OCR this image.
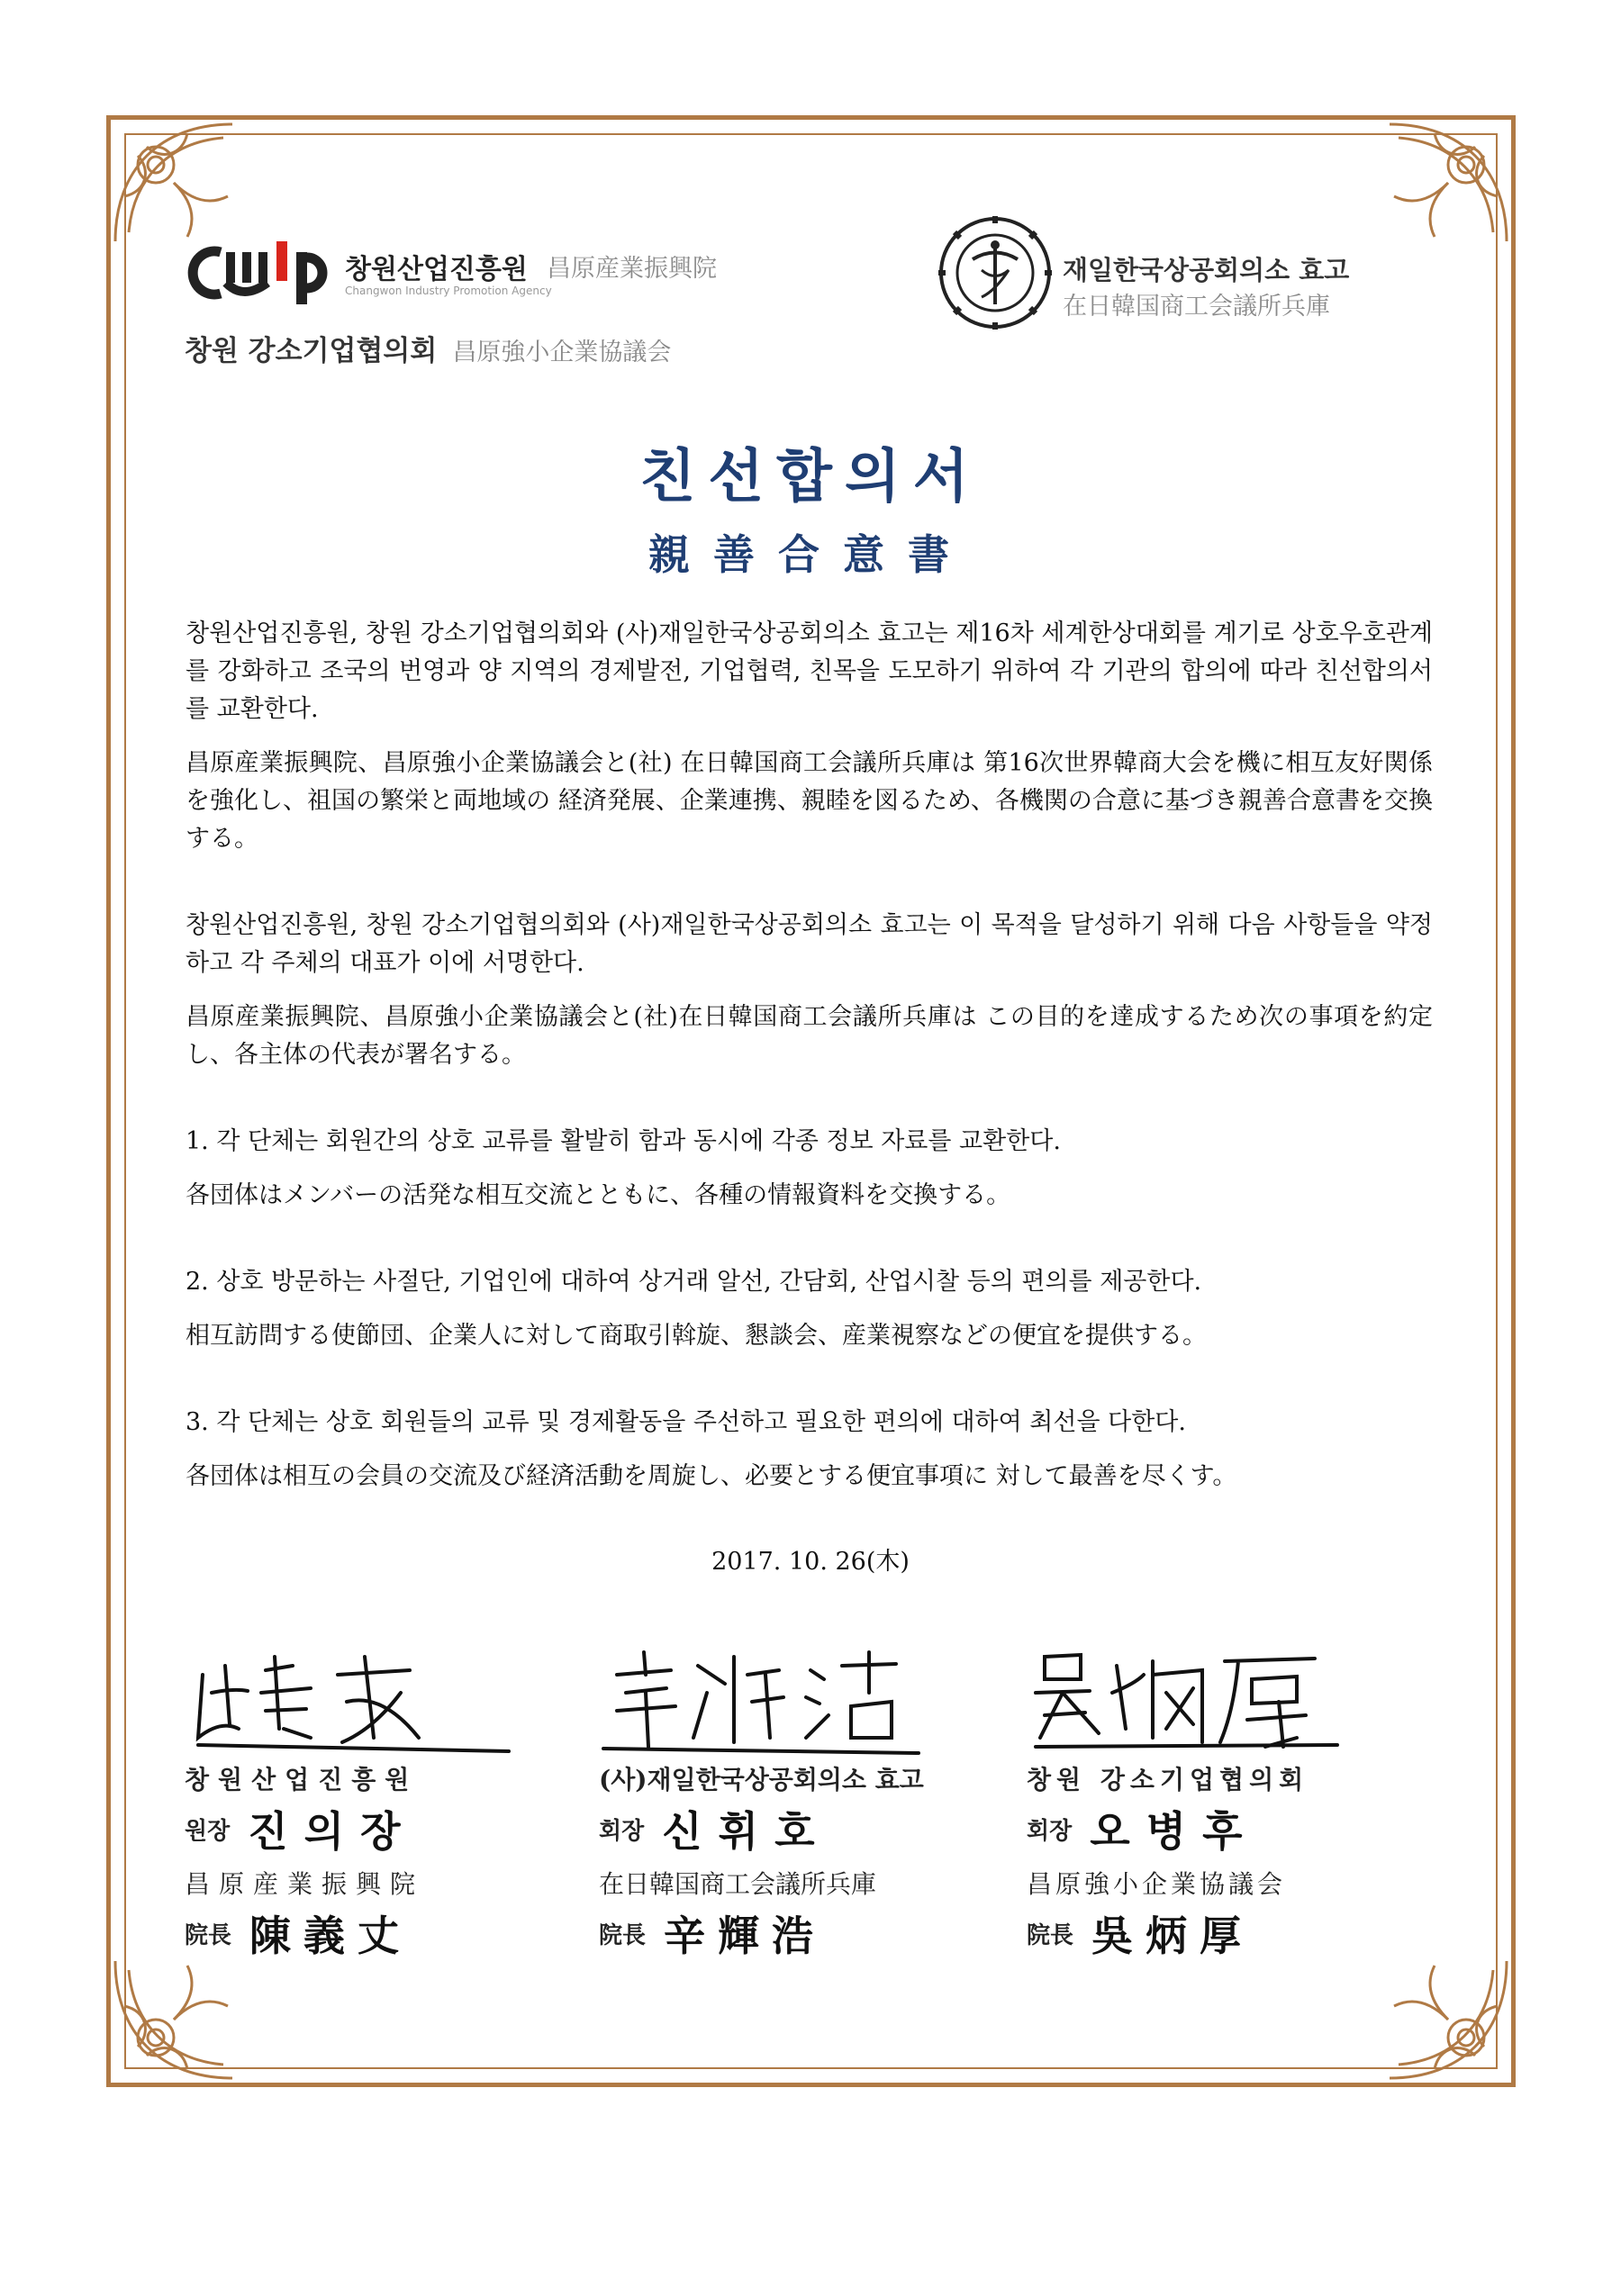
창원산업진흥원 昌原産業振興院
Changwon Industry Promotion Agency
창원 강소기업협의회 昌原強小企業協議会
재일한국상공회의소 효고
在日韓国商工会議所兵庫
친선합의서
親善合意書

창원산업진흥원, 창원 강소기업협의회와 (사)재일한국상공회의소 효고는 제16차 세계한상대회를 계기로 상호우호관계를 강화하고 조국의 번영과 양 지역의 경제발전, 기업협력, 친목을 도모하기 위하여 각 기관의 합의에 따라 친선합의서를 교환한다.

昌原産業振興院、昌原強小企業協議会と(社) 在日韓国商工会議所兵庫は 第16次世界韓商大会を機に相互友好関係を強化し、祖国の繁栄と両地域の 経済発展、企業連携、親睦を図るため、各機関の合意に基づき親善合意書を交換する。

창원산업진흥원, 창원 강소기업협의회와 (사)재일한국상공회의소 효고는 이 목적을 달성하기 위해 다음 사항들을 약정하고 각 주체의 대표가 이에 서명한다.

昌原産業振興院、昌原強小企業協議会と(社)在日韓国商工会議所兵庫は この目的を達成するため次の事項を約定し、各主体の代表が署名する。

1. 각 단체는 회원간의 상호 교류를 활발히 함과 동시에 각종 정보 자료를 교환한다.

各団体はメンバーの活発な相互交流とともに、各種の情報資料を交換する。

2. 상호 방문하는 사절단, 기업인에 대하여 상거래 알선, 간담회, 산업시찰 등의 편의를 제공한다.

相互訪問する使節団、企業人に対して商取引斡旋、懇談会、産業視察などの便宜を提供する。

3. 각 단체는 상호 회원들의 교류 및 경제활동을 주선하고 필요한 편의에 대하여 최선을 다한다.

各団体は相互の会員の交流及び経済活動を周旋し、必要とする便宜事項に 対して最善を尽くす。

2017. 10. 26(木)
창원산업진흥원
원장 진의장
昌原産業振興院
院長 陳義丈
(사)재일한국상공회의소 효고
회장 신휘호
在日韓国商工会議所兵庫
院長 辛輝浩
창원 강소기업협의회
회장 오병후
昌原強小企業協議会
院長 吳炳厚
